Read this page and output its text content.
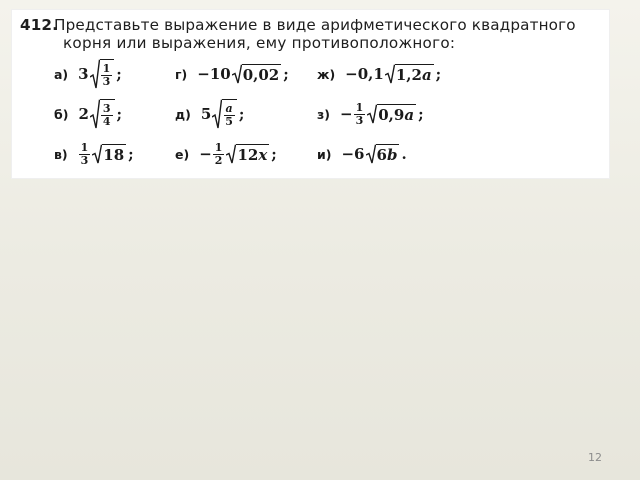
412.Представьте выражение в виде арифметического квадратного
корня или выражения, ему противоположного:
а) $3 \frac{1}{3}$ ;
б) $2 \frac{3}{4}$ ;
$в) \frac{1}{3} 18$ ;
г) −10 0,02 ;
д) $5 \frac{a}{5}$ ;
$е) - \frac{1}{2} 12$ x ;
ж) −0,1 1,2 a ;
$з) - \frac{1}{3} 0,9$ a ;
и) −6 6 b .
12
